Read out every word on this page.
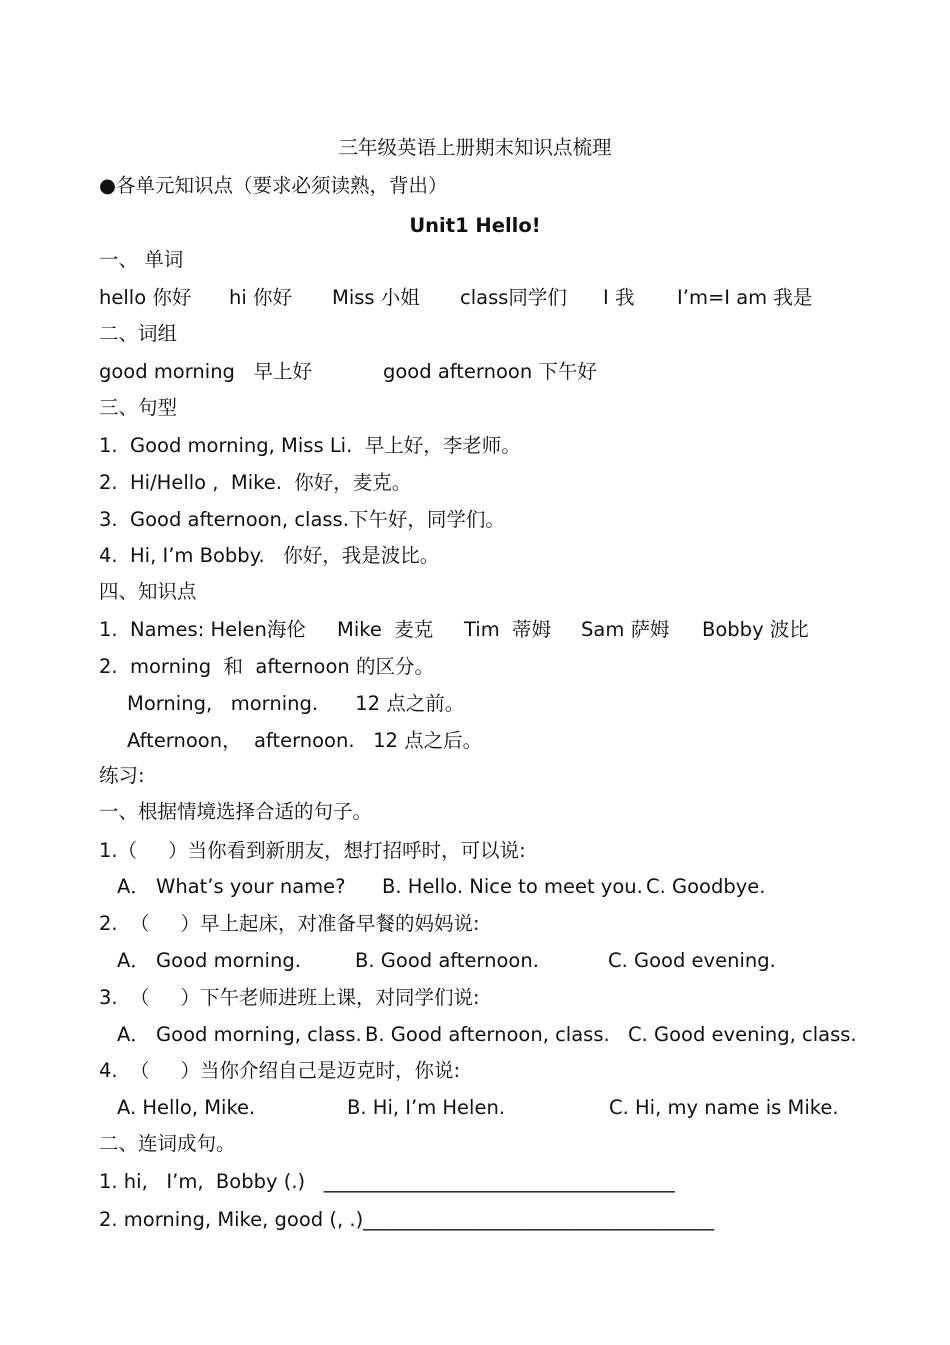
三年级英语上册期末知识点梳理
●各单元知识点（要求必须读熟，背出）
Unit1 Hello!
一、 单词
hello 你好 hi 你好 Miss 小姐 class同学们 I 我 I’m=I am 我是
二、词组
good morning   早上好	good afternoon 下午好
三、句型
1.  Good morning, Miss Li.  早上好，李老师。
2.  Hi/Hello ,  Mike.  你好，麦克。
3.  Good afternoon, class.下午好，同学们。
4.  Hi, I’m Bobby.   你好，我是波比。
四、知识点
1.  Names: Helen海伦 Mike  麦克 Tim  蒂姆 Sam 萨姆 Bobby 波比
2.  morning  和  afternoon 的区分。
Morning,   morning.      12 点之前。
Afternoon，  afternoon.   12 点之后。
练习:
一、根据情境选择合适的句子。
1.（     ）当你看到新朋友，想打招呼时，可以说:
A． What’s your name? B. Hello. Nice to meet you. C. Goodbye.
2.  （     ）早上起床，对准备早餐的妈妈说:
A． Good morning.	B. Good afternoon.	C. Good evening.
3.  （     ）下午老师进班上课，对同学们说:
A． Good morning, class. B. Good afternoon, class. C. Good evening, class.
4.  （     ）当你介绍自己是迈克时，你说:
A. Hello, Mike.	B. Hi, I’m Helen.	C. Hi, my name is Mike.
二、连词成句。
1. hi,   I’m,  Bobby (.)   ____________________________________
2. morning, Mike, good (, .)____________________________________
